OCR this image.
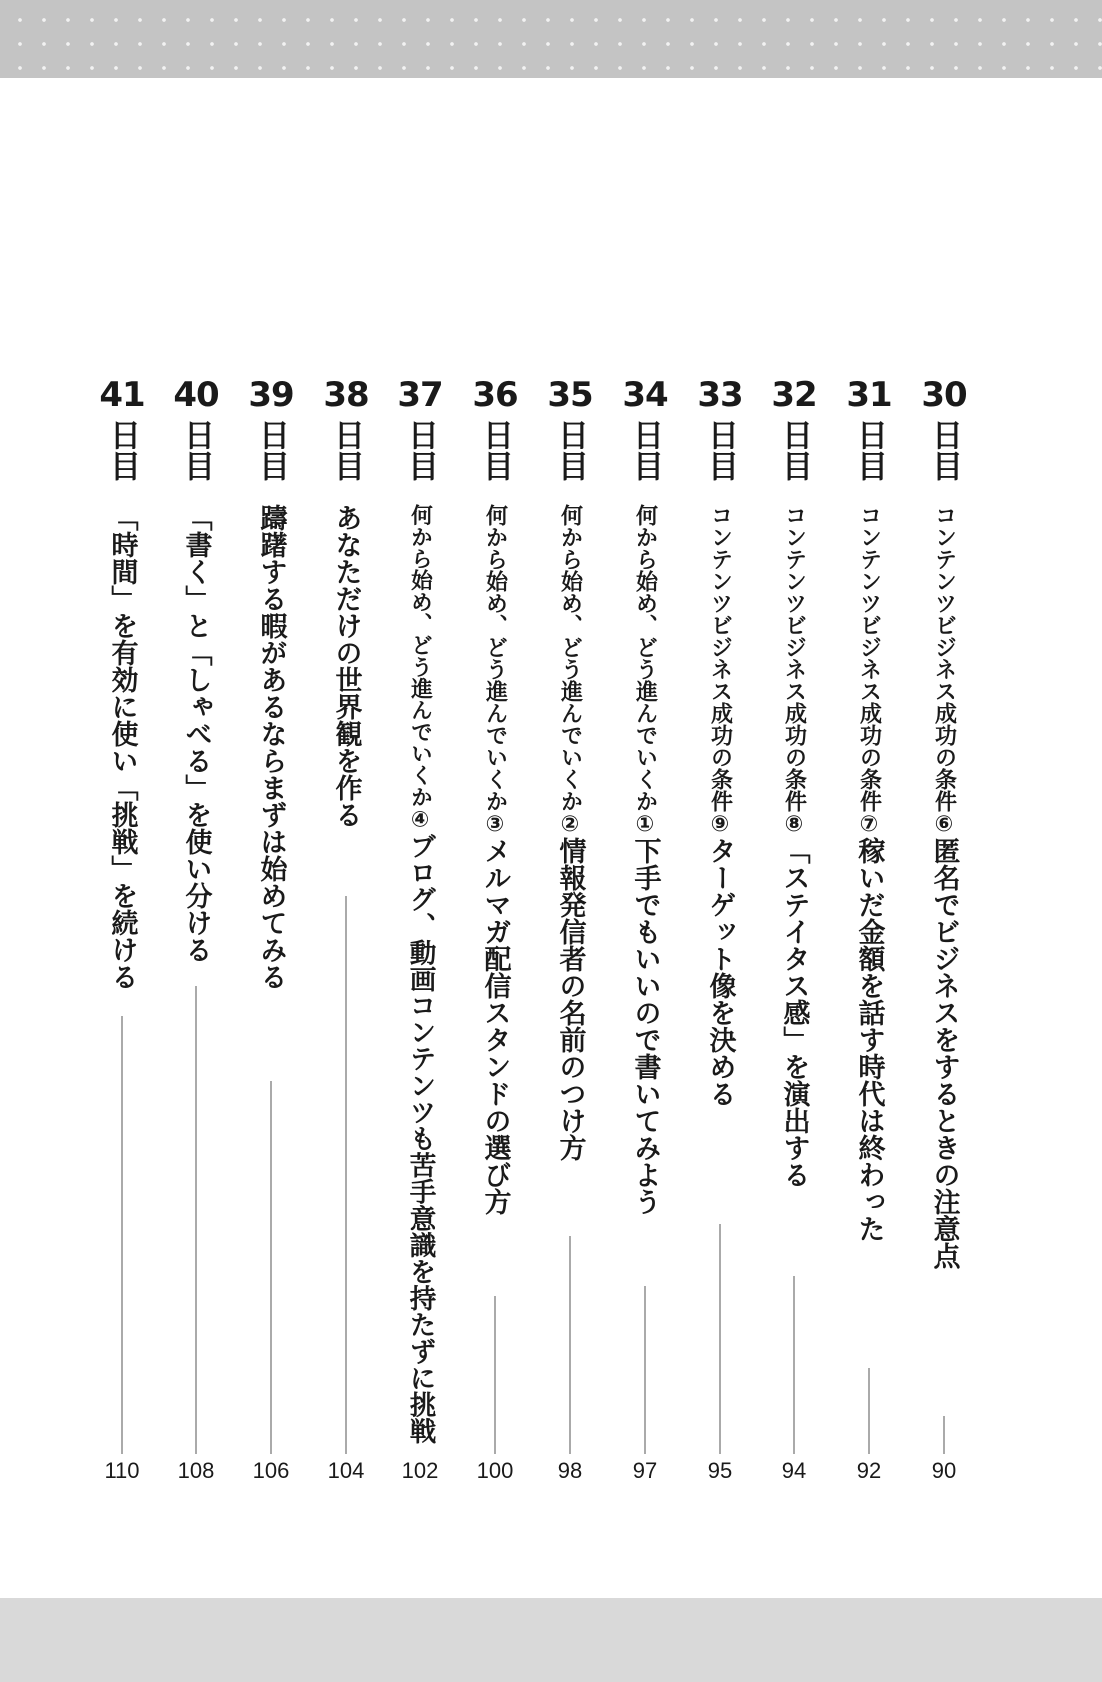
30
日目
コンテンツビジネス成功の条件⑥匿名でビジネスをするときの注意点
90
31
日目
コンテンツビジネス成功の条件⑦稼いだ金額を話す時代は終わった
92
32
日目
コンテンツビジネス成功の条件⑧「ステイタス感」を演出する
94
33
日目
コンテンツビジネス成功の条件⑨ターゲット像を決める
95
34
日目
何から始め、どう進んでいくか①下手でもいいので書いてみよう
97
35
日目
何から始め、どう進んでいくか②情報発信者の名前のつけ方
98
36
日目
何から始め、どう進んでいくか③メルマガ配信スタンドの選び方
100
37
日目
何から始め、どう進んでいくか④ブログ、動画コンテンツも苦手意識を持たずに挑戦
102
38
日目
あなただけの世界観を作る
104
39
日目
躊躇する暇があるならまずは始めてみる
106
40
日目
「書く」と「しゃべる」を使い分ける
108
41
日目
「時間」を有効に使い「挑戦」を続ける
110
